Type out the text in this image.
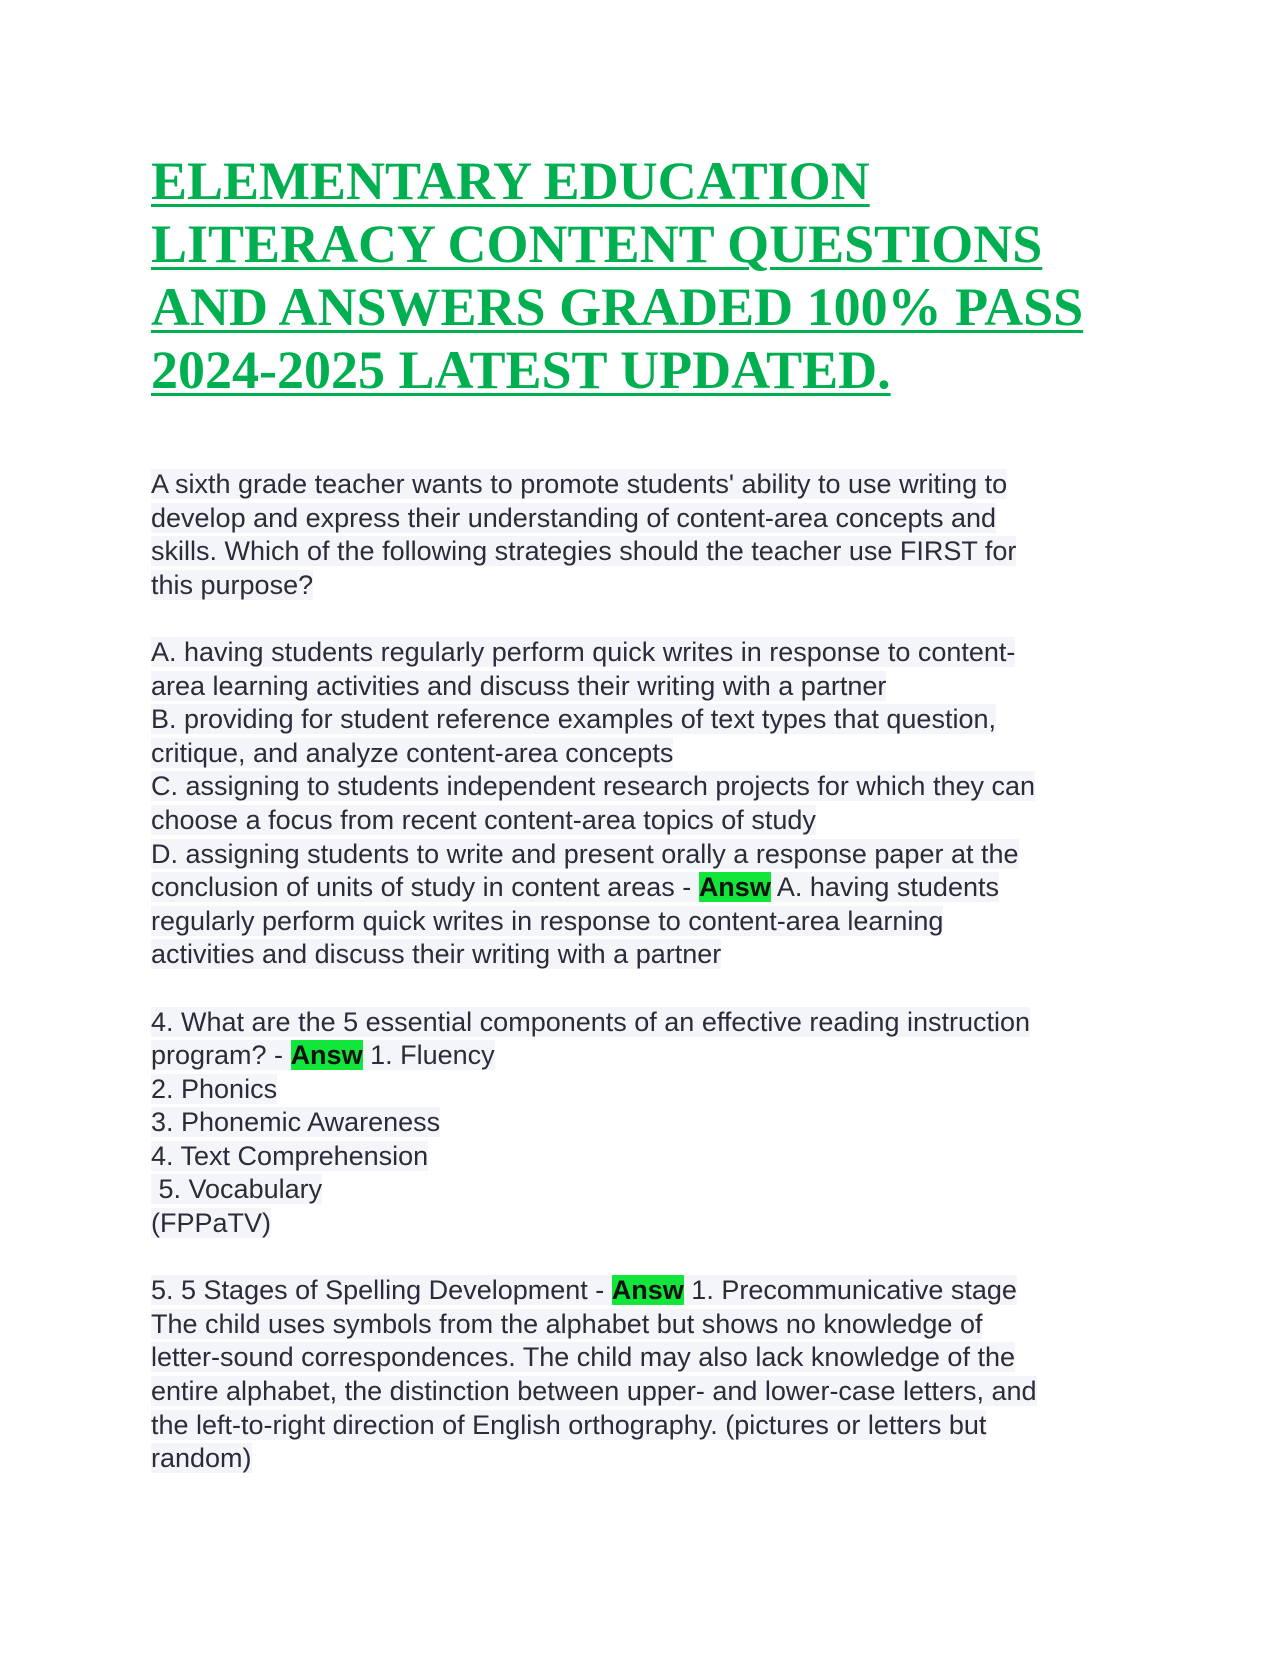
ELEMENTARY EDUCATION
LITERACY CONTENT QUESTIONS
AND ANSWERS GRADED 100% PASS
2024-2025 LATEST UPDATED.
A sixth grade teacher wants to promote students' ability to use writing to
develop and express their understanding of content-area concepts and
skills. Which of the following strategies should the teacher use FIRST for
this purpose?
A. having students regularly perform quick writes in response to content-
area learning activities and discuss their writing with a partner
B. providing for student reference examples of text types that question,
critique, and analyze content-area concepts
C. assigning to students independent research projects for which they can
choose a focus from recent content-area topics of study
D. assigning students to write and present orally a response paper at the
conclusion of units of study in content areas - Answ A. having students
regularly perform quick writes in response to content-area learning
activities and discuss their writing with a partner
4. What are the 5 essential components of an effective reading instruction
program? - Answ 1. Fluency
2. Phonics
3. Phonemic Awareness
4. Text Comprehension
5. Vocabulary
(FPPaTV)
5. 5 Stages of Spelling Development - Answ 1. Precommunicative stage
The child uses symbols from the alphabet but shows no knowledge of
letter-sound correspondences. The child may also lack knowledge of the
entire alphabet, the distinction between upper- and lower-case letters, and
the left-to-right direction of English orthography. (pictures or letters but
random)
